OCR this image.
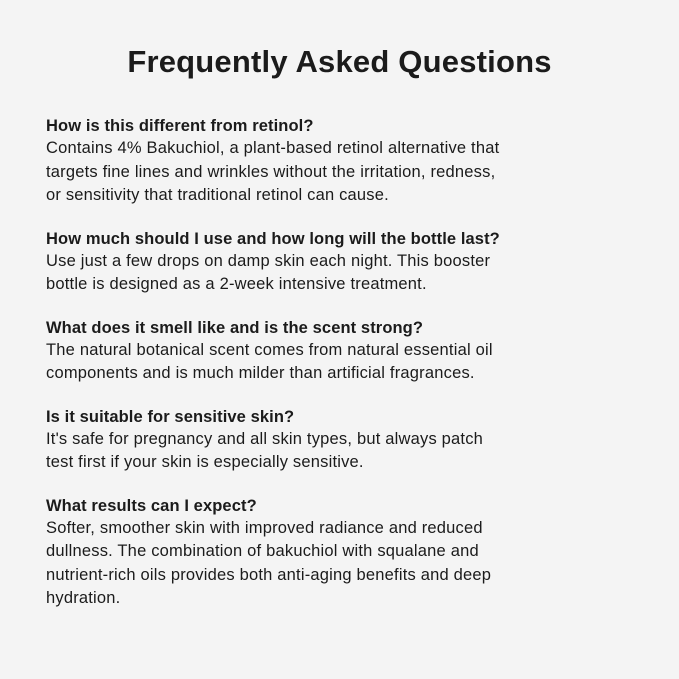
Frequently Asked Questions
How is this different from retinol?

Contains 4% Bakuchiol, a plant-based retinol alternative that
targets fine lines and wrinkles without the irritation, redness,
or sensitivity that traditional retinol can cause.

How much should I use and how long will the bottle last?

Use just a few drops on damp skin each night. This booster
bottle is designed as a 2-week intensive treatment.

What does it smell like and is the scent strong?

The natural botanical scent comes from natural essential oil
components and is much milder than artificial fragrances.

Is it suitable for sensitive skin?

It's safe for pregnancy and all skin types, but always patch
test first if your skin is especially sensitive.

What results can I expect?

Softer, smoother skin with improved radiance and reduced
dullness. The combination of bakuchiol with squalane and
nutrient-rich oils provides both anti-aging benefits and deep
hydration.
